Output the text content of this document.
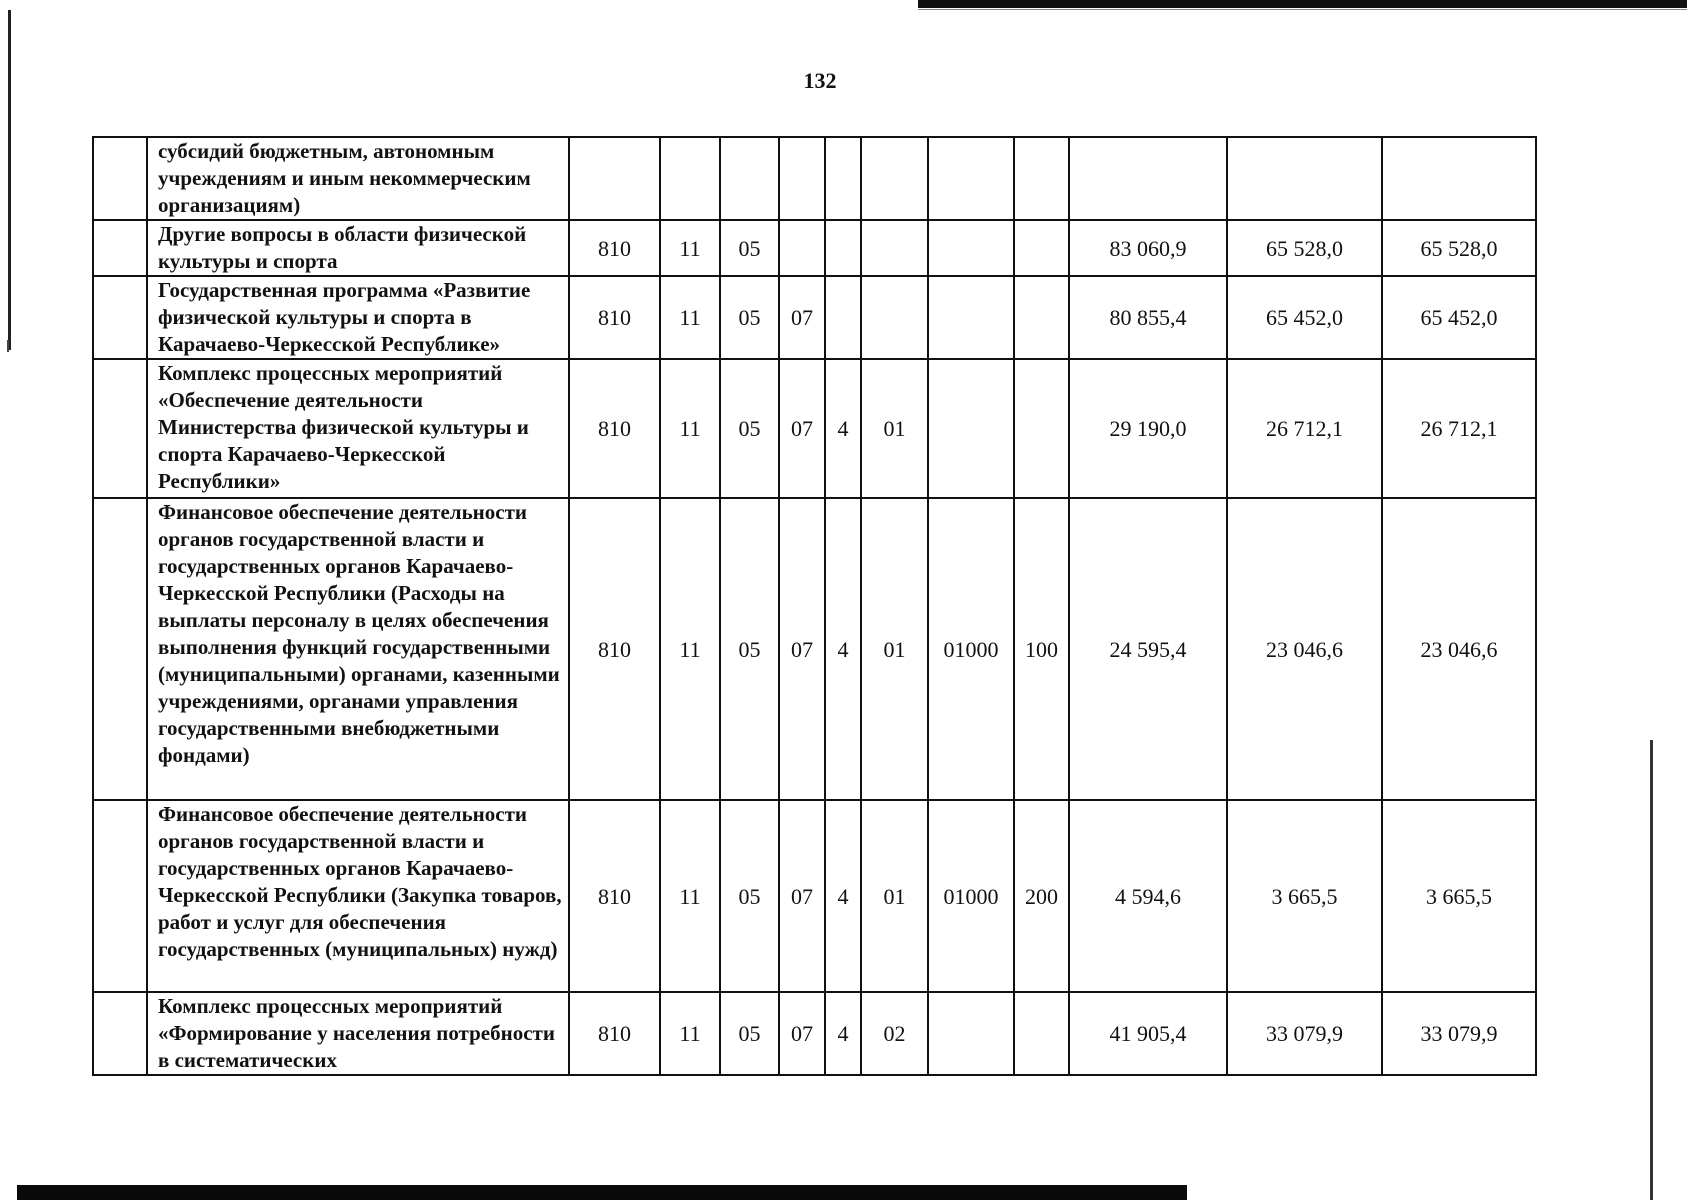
132
	субсидий бюджетным, автономным учреждениям и иным некоммерческим организациям)											
	Другие вопросы в области физической культуры и спорта	810	11	05						83 060,9	65 528,0	65 528,0
	Государственная программа «Развитие физической культуры и спорта в Карачаево-Черкесской Республике»	810	11	05	07					80 855,4	65 452,0	65 452,0
	Комплекс процессных мероприятий «Обеспечение деятельности Министерства физической культуры и спорта Карачаево-Черкесской Республики»	810	11	05	07	4	01			29 190,0	26 712,1	26 712,1
	Финансовое обеспечение деятельности органов государственной власти и государственных органов Карачаево-Черкесской Республики (Расходы на выплаты персоналу в целях обеспечения выполнения функций государственными (муниципальными) органами, казенными учреждениями, органами управления государственными внебюджетными фондами)	810	11	05	07	4	01	01000	100	24 595,4	23 046,6	23 046,6
	Финансовое обеспечение деятельности органов государственной власти и государственных органов Карачаево-Черкесской Республики (Закупка товаров, работ и услуг для обеспечения государственных (муниципальных) нужд)	810	11	05	07	4	01	01000	200	4 594,6	3 665,5	3 665,5
	Комплекс процессных мероприятий «Формирование у населения потребности в систематических	810	11	05	07	4	02			41 905,4	33 079,9	33 079,9
